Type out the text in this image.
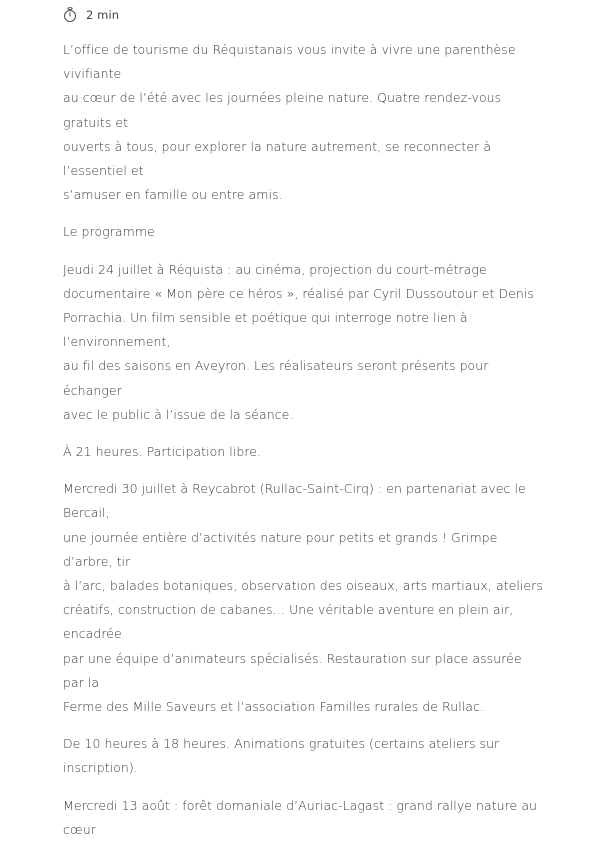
2 min

L’office de tourisme du Réquistanais vous invite à vivre une parenthèse vivifiante
au cœur de l’été avec les journées pleine nature. Quatre rendez-vous gratuits et
ouverts à tous, pour explorer la nature autrement, se reconnecter à l’essentiel et
s’amuser en famille ou entre amis.

Le programme

Jeudi 24 juillet à Réquista : au cinéma, projection du court-métrage
documentaire « Mon père ce héros », réalisé par Cyril Dussoutour et Denis
Porrachia. Un film sensible et poétique qui interroge notre lien à l’environnement,
au fil des saisons en Aveyron. Les réalisateurs seront présents pour échanger
avec le public à l’issue de la séance.

À 21 heures. Participation libre.

Mercredi 30 juillet à Reycabrot (Rullac-Saint-Cirq) : en partenariat avec le Bercail,
une journée entière d’activités nature pour petits et grands ! Grimpe d’arbre, tir
à l’arc, balades botaniques, observation des oiseaux, arts martiaux, ateliers
créatifs, construction de cabanes… Une véritable aventure en plein air, encadrée
par une équipe d’animateurs spécialisés. Restauration sur place assurée par la
Ferme des Mille Saveurs et l’association Familles rurales de Rullac.

De 10 heures à 18 heures. Animations gratuites (certains ateliers sur inscription).

Mercredi 13 août : forêt domaniale d’Auriac-Lagast : grand rallye nature au cœur
